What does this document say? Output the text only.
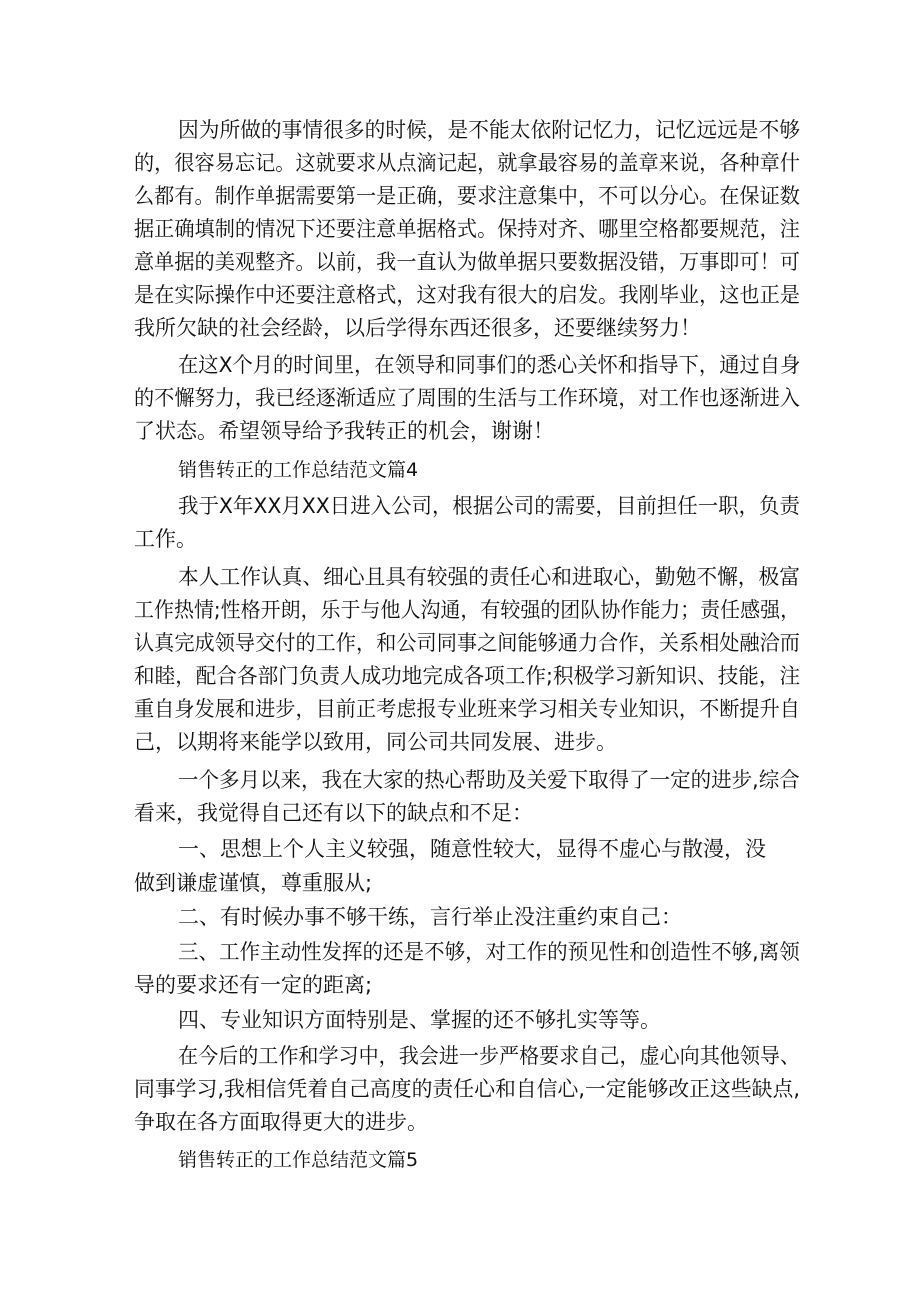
因为所做的事情很多的时候，是不能太依附记忆力，记忆远远是不够
的，很容易忘记。这就要求从点滴记起，就拿最容易的盖章来说，各种章什
么都有。制作单据需要第一是正确，要求注意集中，不可以分心。在保证数
据正确填制的情况下还要注意单据格式。保持对齐、哪里空格都要规范，注
意单据的美观整齐。以前，我一直认为做单据只要数据没错，万事即可！可
是在实际操作中还要注意格式，这对我有很大的启发。我刚毕业，这也正是
我所欠缺的社会经龄，以后学得东西还很多，还要继续努力！
在这X个月的时间里，在领导和同事们的悉心关怀和指导下，通过自身
的不懈努力，我已经逐渐适应了周围的生活与工作环境，对工作也逐渐进入
了状态。希望领导给予我转正的机会，谢谢！
销售转正的工作总结范文篇4
我于X年XX月XX日进入公司，根据公司的需要，目前担任一职，负责
工作。
本人工作认真、细心且具有较强的责任心和进取心，勤勉不懈，极富
工作热情;性格开朗，乐于与他人沟通，有较强的团队协作能力；责任感强，
认真完成领导交付的工作，和公司同事之间能够通力合作，关系相处融洽而
和睦，配合各部门负责人成功地完成各项工作;积极学习新知识、技能，注
重自身发展和进步，目前正考虑报专业班来学习相关专业知识，不断提升自
己，以期将来能学以致用，同公司共同发展、进步。
一个多月以来，我在大家的热心帮助及关爱下取得了一定的进步,综合
看来，我觉得自己还有以下的缺点和不足：
一、思想上个人主义较强，随意性较大，显得不虚心与散漫，没
做到谦虚谨慎，尊重服从;
二、有时候办事不够干练，言行举止没注重约束自己：
三、工作主动性发挥的还是不够，对工作的预见性和创造性不够,离领
导的要求还有一定的距离;
四、专业知识方面特别是、掌握的还不够扎实等等。
在今后的工作和学习中，我会进一步严格要求自己，虚心向其他领导、
同事学习,我相信凭着自己高度的责任心和自信心,一定能够改正这些缺点,
争取在各方面取得更大的进步。
销售转正的工作总结范文篇5
